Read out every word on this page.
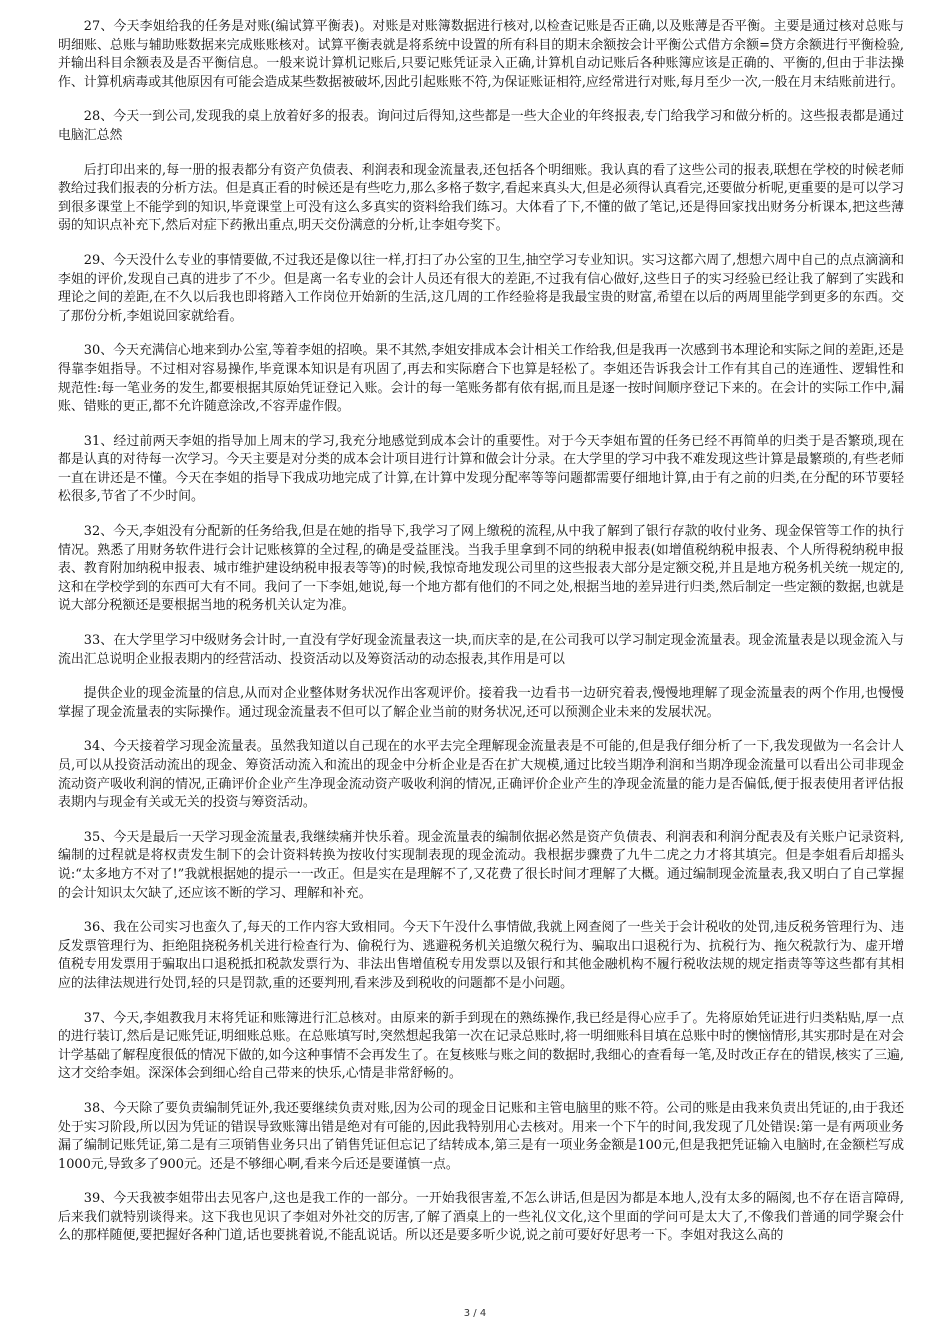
27、今天李姐给我的任务是对账(编试算平衡表)。对账是对账簿数据进行核对,以检查记账是否正确,以及账薄是否平衡。主要是通过核对总账与明细账、总账与辅助账数据来完成账账核对。试算平衡表就是将系统中设置的所有科目的期末余额按会计平衡公式借方余额=贷方余额进行平衡检验,并输出科目余额表及是否平衡信息。一般来说计算机记账后,只要记账凭证录入正确,计算机自动记账后各种账簿应该是正确的、平衡的,但由于非法操作、计算机病毒或其他原因有可能会造成某些数据被破坏,因此引起账账不符,为保证账证相符,应经常进行对账,每月至少一次,一般在月末结账前进行。

28、今天一到公司,发现我的桌上放着好多的报表。询问过后得知,这些都是一些大企业的年终报表,专门给我学习和做分析的。这些报表都是通过电脑汇总然

后打印出来的,每一册的报表都分有资产负债表、利润表和现金流量表,还包括各个明细账。我认真的看了这些公司的报表,联想在学校的时候老师教给过我们报表的分析方法。但是真正看的时候还是有些吃力,那么多格子数字,看起来真头大,但是必须得认真看完,还要做分析呢,更重要的是可以学习到很多课堂上不能学到的知识,毕竟课堂上可没有这么多真实的资料给我们练习。大体看了下,不懂的做了笔记,还是得回家找出财务分析课本,把这些薄弱的知识点补充下,然后对症下药揪出重点,明天交份满意的分析,让李姐夸奖下。

29、今天没什么专业的事情要做,不过我还是像以往一样,打扫了办公室的卫生,抽空学习专业知识。实习这都六周了,想想六周中自己的点点滴滴和李姐的评价,发现自己真的进步了不少。但是离一名专业的会计人员还有很大的差距,不过我有信心做好,这些日子的实习经验已经让我了解到了实践和理论之间的差距,在不久以后我也即将踏入工作岗位开始新的生活,这几周的工作经验将是我最宝贵的财富,希望在以后的两周里能学到更多的东西。交了那份分析,李姐说回家就给看。

30、今天充满信心地来到办公室,等着李姐的招唤。果不其然,李姐安排成本会计相关工作给我,但是我再一次感到书本理论和实际之间的差距,还是得靠李姐指导。不过相对容易操作,毕竟课本知识是有巩固了,再去和实际磨合下也算是轻松了。李姐还告诉我会计工作有其自己的连通性、逻辑性和规范性:每一笔业务的发生,都要根据其原始凭证登记入账。会计的每一笔账务都有依有据,而且是逐一按时间顺序登记下来的。在会计的实际工作中,漏账、错账的更正,都不允许随意涂改,不容弄虚作假。

31、经过前两天李姐的指导加上周末的学习,我充分地感觉到成本会计的重要性。对于今天李姐布置的任务已经不再简单的归类于是否繁琐,现在都是认真的对待每一次学习。今天主要是对分类的成本会计项目进行计算和做会计分录。在大学里的学习中我不难发现这些计算是最繁琐的,有些老师一直在讲还是不懂。今天在李姐的指导下我成功地完成了计算,在计算中发现分配率等等问题都需要仔细地计算,由于有之前的归类,在分配的环节要轻松很多,节省了不少时间。

32、今天,李姐没有分配新的任务给我,但是在她的指导下,我学习了网上缴税的流程,从中我了解到了银行存款的收付业务、现金保管等工作的执行情况。熟悉了用财务软件进行会计记账核算的全过程,的确是受益匪浅。当我手里拿到不同的纳税申报表(如增值税纳税申报表、个人所得税纳税申报表、教育附加纳税申报表、城市维护建设纳税申报表等等)的时候,我惊奇地发现公司里的这些报表大部分是定额交税,并且是地方税务机关统一规定的,这和在学校学到的东西可大有不同。我问了一下李姐,她说,每一个地方都有他们的不同之处,根据当地的差异进行归类,然后制定一些定额的数据,也就是说大部分税额还是要根据当地的税务机关认定为准。

33、在大学里学习中级财务会计时,一直没有学好现金流量表这一块,而庆幸的是,在公司我可以学习制定现金流量表。现金流量表是以现金流入与流出汇总说明企业报表期内的经营活动、投资活动以及筹资活动的动态报表,其作用是可以

提供企业的现金流量的信息,从而对企业整体财务状况作出客观评价。接着我一边看书一边研究着表,慢慢地理解了现金流量表的两个作用,也慢慢掌握了现金流量表的实际操作。通过现金流量表不但可以了解企业当前的财务状况,还可以预测企业未来的发展状况。

34、今天接着学习现金流量表。虽然我知道以自己现在的水平去完全理解现金流量表是不可能的,但是我仔细分析了一下,我发现做为一名会计人员,可以从投资活动流出的现金、筹资活动流入和流出的现金中分析企业是否在扩大规模,通过比较当期净利润和当期净现金流量可以看出公司非现金流动资产吸收利润的情况,正确评价企业产生净现金流动资产吸收利润的情况,正确评价企业产生的净现金流量的能力是否偏低,便于报表使用者评估报表期内与现金有关或无关的投资与筹资活动。

35、今天是最后一天学习现金流量表,我继续痛并快乐着。现金流量表的编制依据必然是资产负债表、利润表和利润分配表及有关账户记录资料,编制的过程就是将权责发生制下的会计资料转换为按收付实现制表现的现金流动。我根据步骤费了九牛二虎之力才将其填完。但是李姐看后却摇头说:“太多地方不对了!”我就根据她的提示一一改正。但是实在是理解不了,又花费了很长时间才理解了大概。通过编制现金流量表,我又明白了自己掌握的会计知识太欠缺了,还应该不断的学习、理解和补充。

36、我在公司实习也蛮久了,每天的工作内容大致相同。今天下午没什么事情做,我就上网查阅了一些关于会计税收的处罚,违反税务管理行为、违反发票管理行为、拒绝阻挠税务机关进行检查行为、偷税行为、逃避税务机关追缴欠税行为、骗取出口退税行为、抗税行为、拖欠税款行为、虚开增值税专用发票用于骗取出口退税抵扣税款发票行为、非法出售增值税专用发票以及银行和其他金融机构不履行税收法规的规定指责等等这些都有其相应的法律法规进行处罚,轻的只是罚款,重的还要判刑,看来涉及到税收的问题都不是小问题。

37、今天,李姐教我月末将凭证和账簿进行汇总核对。由原来的新手到现在的熟练操作,我已经是得心应手了。先将原始凭证进行归类粘贴,厚一点的进行装订,然后是记账凭证,明细账总账。在总账填写时,突然想起我第一次在记录总账时,将一明细账科目填在总账中时的懊恼情形,其实那时是在对会计学基础了解程度很低的情况下做的,如今这种事情不会再发生了。在复核账与账之间的数据时,我细心的查看每一笔,及时改正存在的错误,核实了三遍,这才交给李姐。深深体会到细心给自己带来的快乐,心情是非常舒畅的。

38、今天除了要负责编制凭证外,我还要继续负责对账,因为公司的现金日记账和主管电脑里的账不符。公司的账是由我来负责出凭证的,由于我还处于实习阶段,所以因为凭证的错误导致账簿出错是绝对有可能的,因此我特别用心去核对。用来一个下午的时间,我发现了几处错误:第一是有两项业务漏了编制记账凭证,第二是有三项销售业务只出了销售凭证但忘记了结转成本,第三是有一项业务金额是100元,但是我把凭证输入电脑时,在金额栏写成1000元,导致多了900元。还是不够细心啊,看来今后还是要谨慎一点。

39、今天我被李姐带出去见客户,这也是我工作的一部分。一开始我很害羞,不怎么讲话,但是因为都是本地人,没有太多的隔阂,也不存在语言障碍,后来我们就特别谈得来。这下我也见识了李姐对外社交的厉害,了解了酒桌上的一些礼仪文化,这个里面的学问可是太大了,不像我们普通的同学聚会什么的那样随便,要把握好各种门道,话也要挑着说,不能乱说话。所以还是要多听少说,说之前可要好好思考一下。李姐对我这么高的

3 / 4
